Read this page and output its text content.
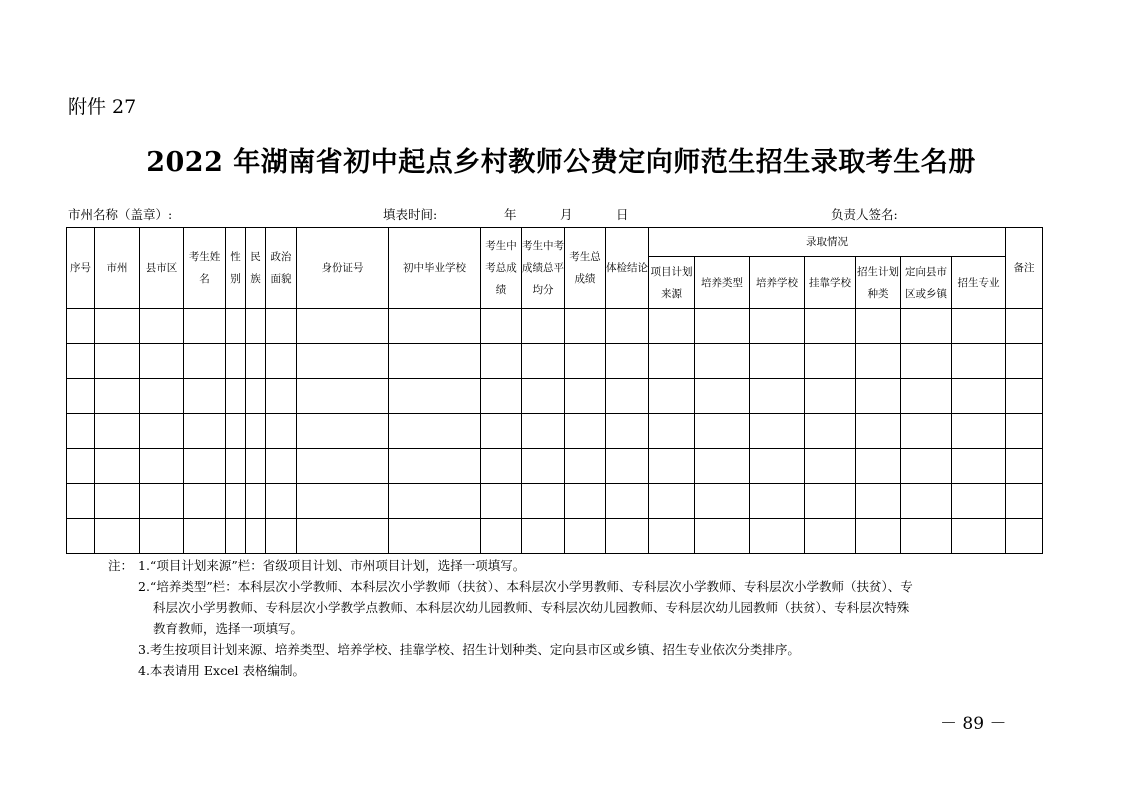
附件 27
2022 年湖南省初中起点乡村教师公费定向师范生招生录取考生名册
市州名称（盖章）:	填表时间:	年	月	日	负责人签名:
序号	市州	县市区	考生姓名	性别	民族	政治面貌	身份证号	初中毕业学校	考生中考总成绩	考生中考成绩总平均分	考生总成绩	体检结论	录取情况							备注
													项目计划来源	培养类型	培养学校	挂靠学校	招生计划种类	定向县市区或乡镇	招生专业	

注： 1.“项目计划来源”栏：省级项目计划、市州项目计划，选择一项填写。
2.“培养类型”栏：本科层次小学教师、本科层次小学教师（扶贫）、本科层次小学男教师、专科层次小学教师、专科层次小学教师（扶贫）、专
科层次小学男教师、专科层次小学教学点教师、本科层次幼儿园教师、专科层次幼儿园教师、专科层次幼儿园教师（扶贫）、专科层次特殊
教育教师，选择一项填写。
3.考生按项目计划来源、培养类型、培养学校、挂靠学校、招生计划种类、定向县市区或乡镇、招生专业依次分类排序。
4.本表请用 Excel 表格编制。
－ 89 －
